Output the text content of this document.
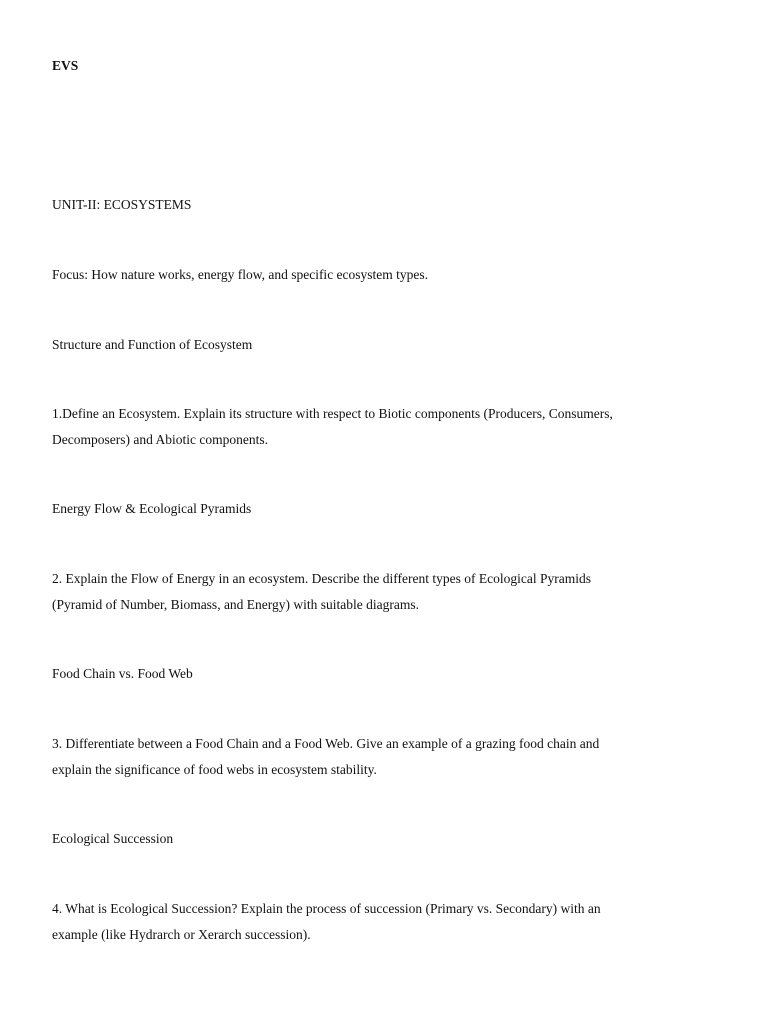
EVS
UNIT-II: ECOSYSTEMS
Focus: How nature works, energy flow, and specific ecosystem types.
Structure and Function of Ecosystem
1.Define an Ecosystem. Explain its structure with respect to Biotic components (Producers, Consumers,
Decomposers) and Abiotic components.
Energy Flow & Ecological Pyramids
2. Explain the Flow of Energy in an ecosystem. Describe the different types of Ecological Pyramids
(Pyramid of Number, Biomass, and Energy) with suitable diagrams.
Food Chain vs. Food Web
3. Differentiate between a Food Chain and a Food Web. Give an example of a grazing food chain and
explain the significance of food webs in ecosystem stability.
Ecological Succession
4. What is Ecological Succession? Explain the process of succession (Primary vs. Secondary) with an
example (like Hydrarch or Xerarch succession).
